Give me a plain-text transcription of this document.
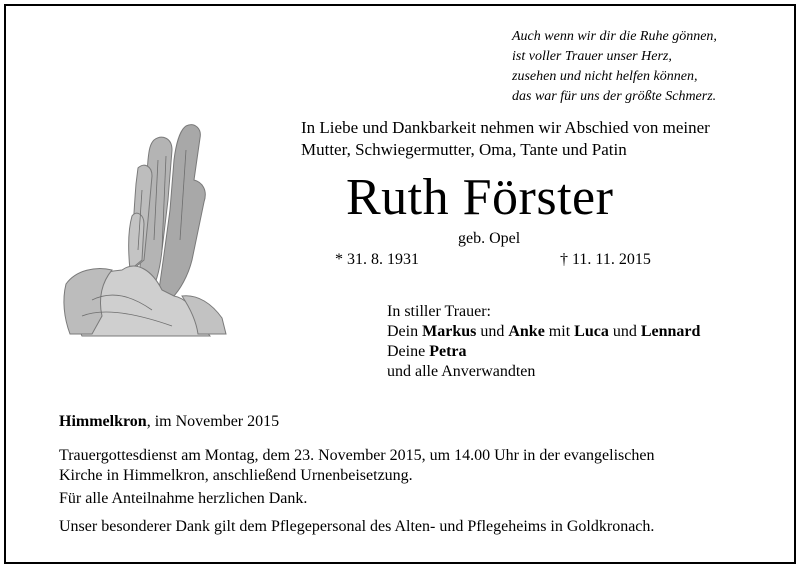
Auch wenn wir dir die Ruhe gönnen,
ist voller Trauer unser Herz,
zusehen und nicht helfen können,
das war für uns der größte Schmerz.
In Liebe und Dankbarkeit nehmen wir Abschied von meiner
Mutter, Schwiegermutter, Oma, Tante und Patin
Ruth Förster
geb. Opel
* 31. 8. 1931	† 11. 11. 2015
In stiller Trauer:
Dein Markus und Anke mit Luca und Lennard
Deine Petra
und alle Anverwandten
Himmelkron, im November 2015
Trauergottesdienst am Montag, dem 23. November 2015, um 14.00 Uhr in der evangelischen
Kirche in Himmelkron, anschließend Urnenbeisetzung.
Für alle Anteilnahme herzlichen Dank.
Unser besonderer Dank gilt dem Pflegepersonal des Alten- und Pflegeheims in Goldkronach.
